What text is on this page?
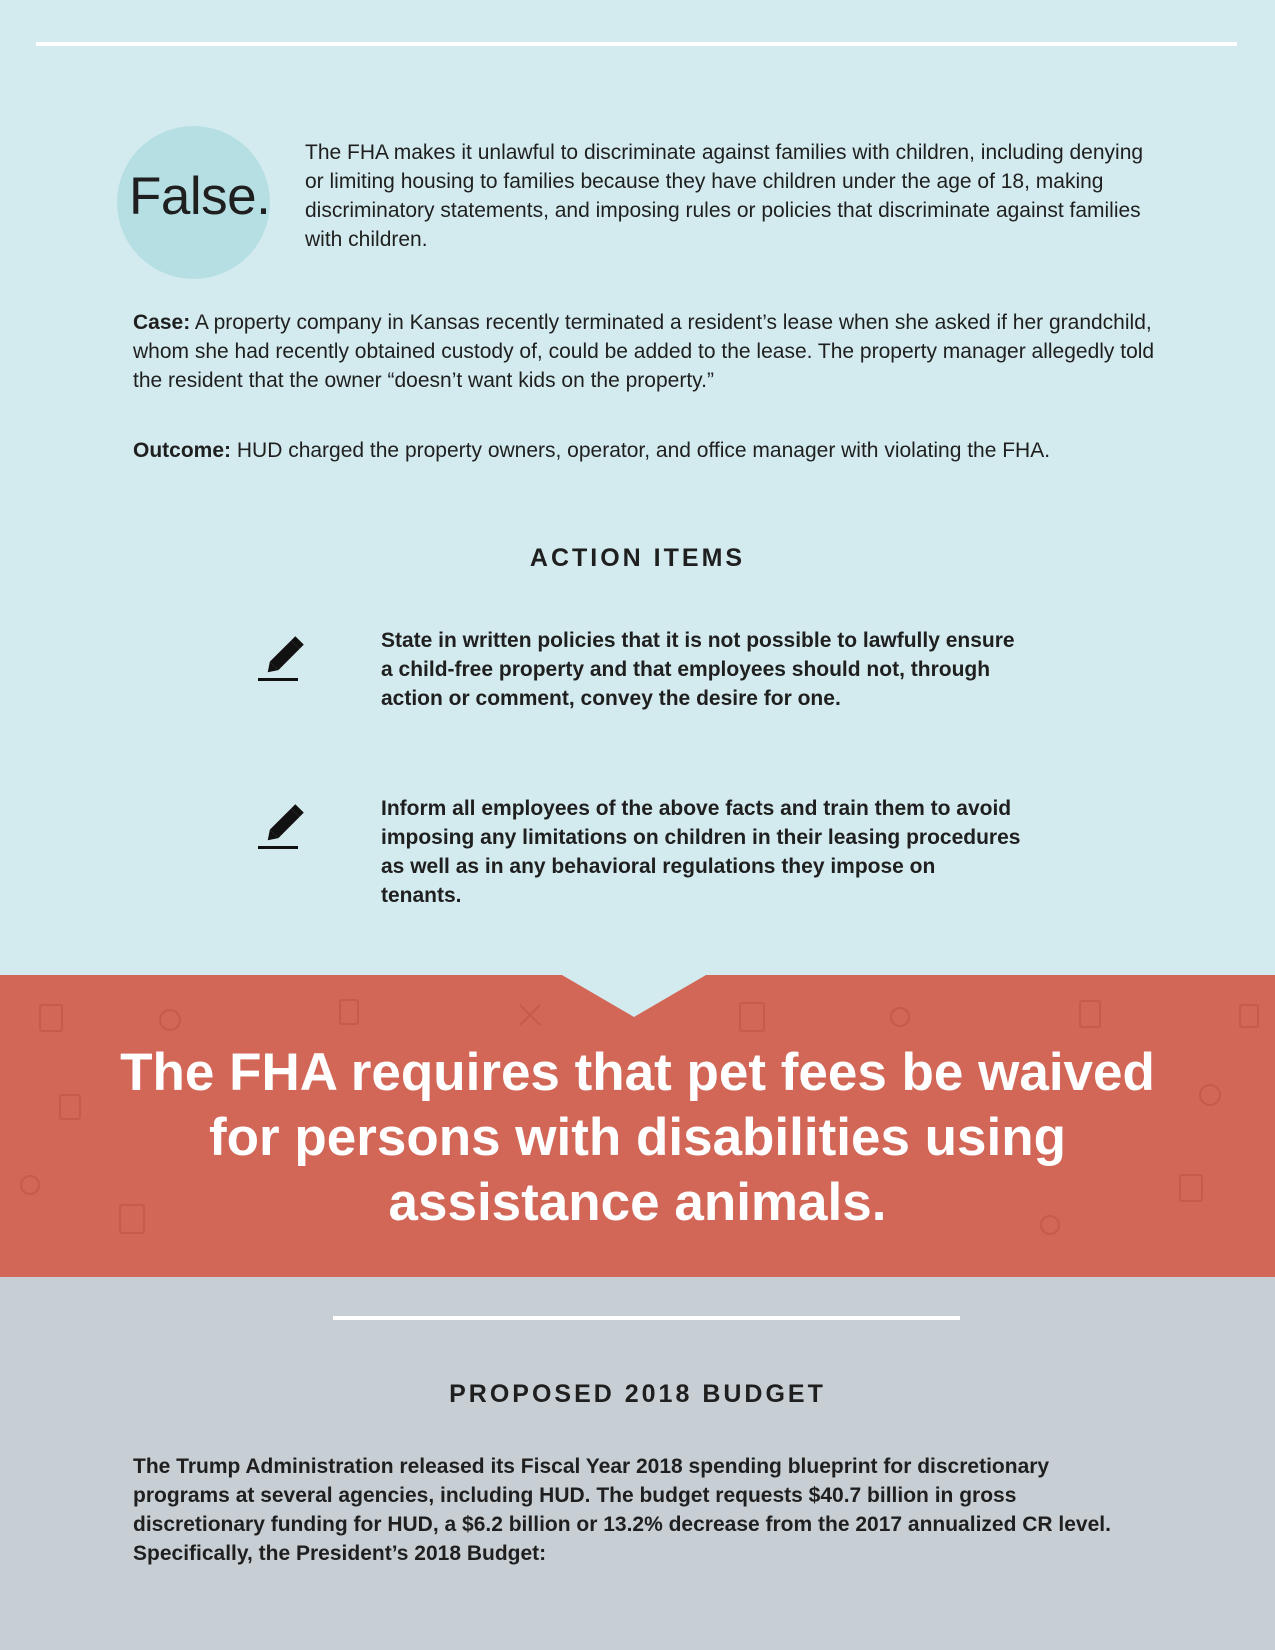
False.

The FHA makes it unlawful to discriminate against families with children, including denying or limiting housing to families because they have children under the age of 18, making discriminatory statements, and imposing rules or policies that discriminate against families with children.

Case: A property company in Kansas recently terminated a resident’s lease when she asked if her grandchild, whom she had recently obtained custody of, could be added to the lease. The property manager allegedly told the resident that the owner “doesn’t want kids on the property.”

Outcome: HUD charged the property owners, operator, and office manager with violating the FHA.

ACTION ITEMS

State in written policies that it is not possible to lawfully ensure a child-free property and that employees should not, through action or comment, convey the desire for one.

Inform all employees of the above facts and train them to avoid imposing any limitations on children in their leasing procedures as well as in any behavioral regulations they impose on tenants.

The FHA requires that pet fees be waived for persons with disabilities using assistance animals.

PROPOSED 2018 BUDGET

The Trump Administration released its Fiscal Year 2018 spending blueprint for discretionary programs at several agencies, including HUD. The budget requests $40.7 billion in gross discretionary funding for HUD, a $6.2 billion or 13.2% decrease from the 2017 annualized CR level. Specifically, the President’s 2018 Budget:
